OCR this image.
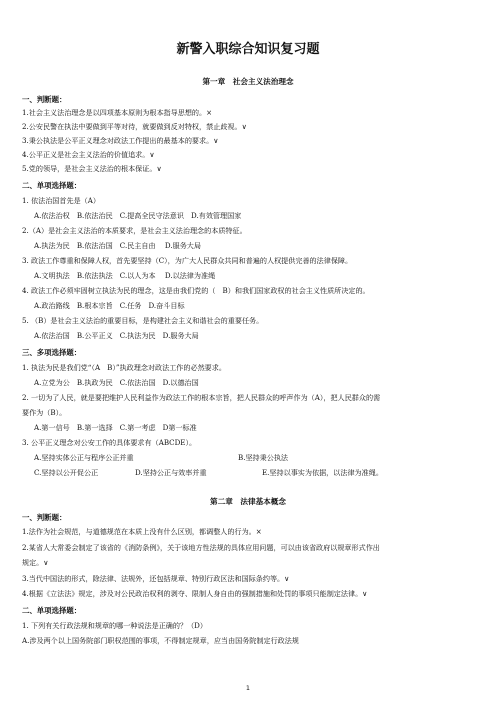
新警入职综合知识复习题
第一章　社会主义法治理念
一、判断题：
1.社会主义法治理念是以四项基本原则为根本指导思想的。×
2.公安民警在执法中要做到平等对待，就要做到反对特权，禁止歧视。∨
3.秉公执法是公平正义理念对政法工作提出的最基本的要求。∨
4.公平正义是社会主义法治的价值追求。∨
5.党的领导，是社会主义法治的根本保证。∨
二、单项选择题：
1. 依法治国首先是（A）
A.依法治权　B.依法治民　C.提高全民守法意识　D.有效管理国家
2.（A）是社会主义法治的本质要求，是社会主义法治理念的本质特征。
A.执法为民　B.依法治国　C.民主自由　 D.服务大局
3. 政法工作尊重和保障人权，首先要坚持（C），为广大人民群众共同和普遍的人权提供完善的法律保障。
A.文明执法　B.依法执法　C.以人为本　 D.以法律为准绳
4. 政法工作必须牢固树立执法为民的理念，这是由我们党的（　B）和我们国家政权的社会主义性质所决定的。
A.政治路线　B.根本宗旨　C.任务　D.奋斗目标
5. （B）是社会主义法治的重要目标，是构建社会主义和谐社会的重要任务。
A.依法治国　B.公平正义　C.执法为民　D.服务大局
三、多项选择题：
1. 执法为民是我们党“（A　B）”执政理念对政法工作的必然要求。
A.立党为公　B.执政为民　C.依法治国　D.以德治国
2. 一切为了人民，就是要把维护人民利益作为政法工作的根本宗旨，把人民群众的呼声作为（A），把人民群众的需
要作为（B）。
A.第一信号　B.第一选择　C.第一考虑　D第一标准
3. 公平正义理念对公安工作的具体要求有（ABCDE）。
A.坚持实体公正与程序公正并重	B.坚持秉公执法
C.坚持以公开促公正	D.坚持公正与效率并重	E.坚持以事实为依据，以法律为准绳。
第二章　法律基本概念
一、判断题：
1.法作为社会规范，与道德规范在本质上没有什么区别，都调整人的行为。×
2.某省人大常委会制定了该省的《消防条例》，关于该地方性法规的具体应用问题，可以由该省政府以规章形式作出
规定。∨
3.当代中国法的形式，除法律、法规外，还包括规章、特别行政区法和国际条约等。∨
4.根据《立法法》规定，涉及对公民政治权利的剥夺、限制人身自由的强制措施和处罚的事项只能制定法律。∨
二、单项选择题：
1. 下列有关行政法规和规章的哪一种说法是正确的？（D）
A.涉及两个以上国务院部门职权范围的事项，不得制定规章，应当由国务院制定行政法规
1
